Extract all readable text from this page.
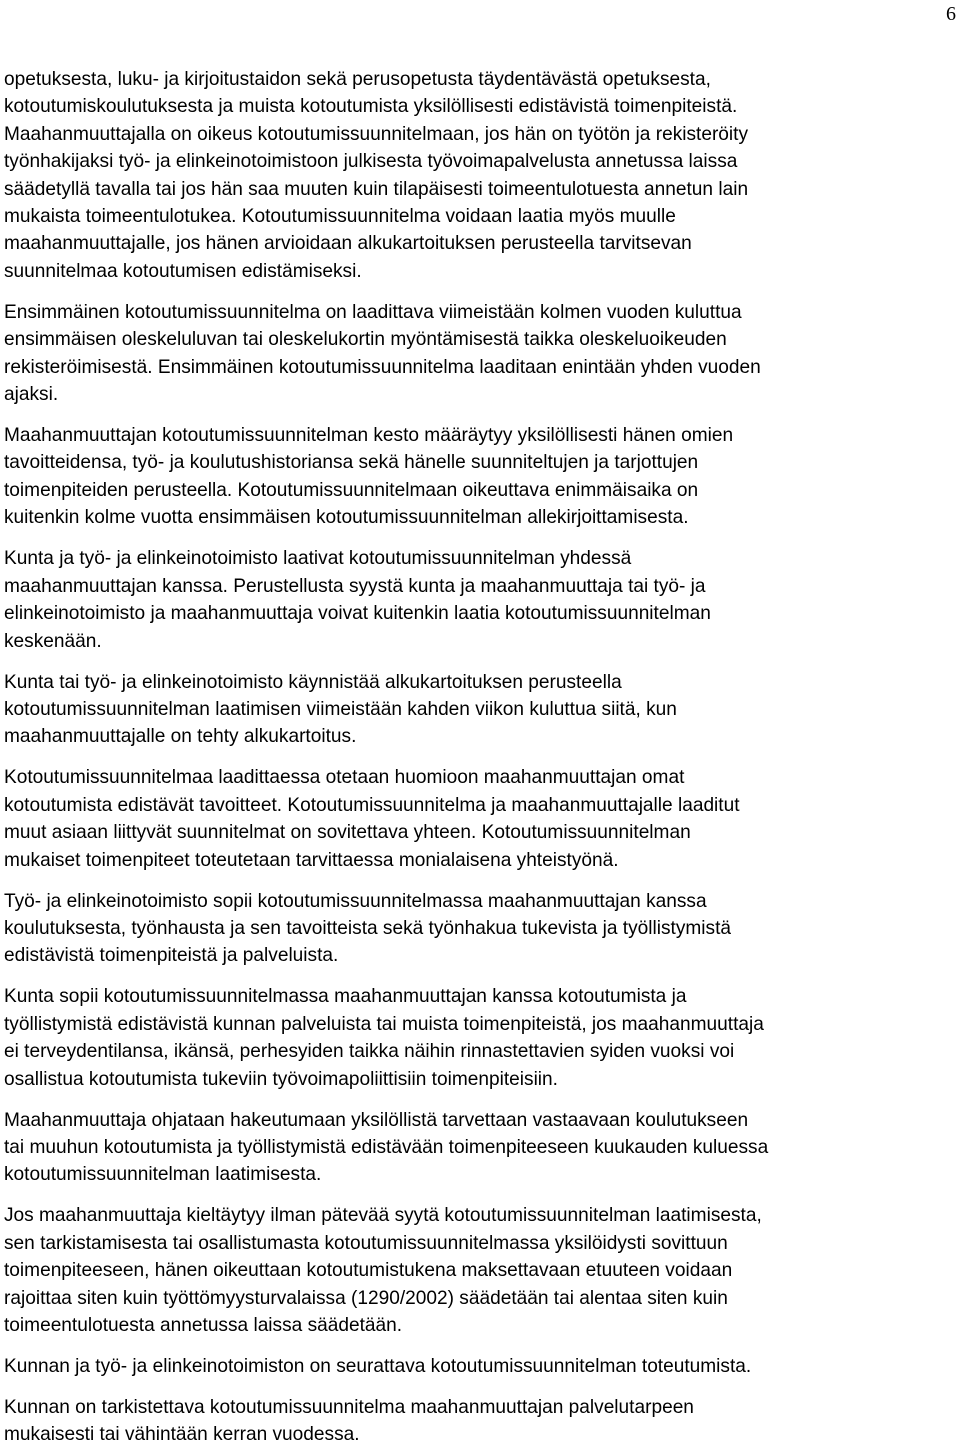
6

opetuksesta, luku- ja kirjoitustaidon sekä perusopetusta täydentävästä opetuksesta,
kotoutumiskoulutuksesta ja muista kotoutumista yksilöllisesti edistävistä toimenpiteistä.
Maahanmuuttajalla on oikeus kotoutumissuunnitelmaan, jos hän on työtön ja rekisteröity
työnhakijaksi työ- ja elinkeinotoimistoon julkisesta työvoimapalvelusta annetussa laissa
säädetyllä tavalla tai jos hän saa muuten kuin tilapäisesti toimeentulotuesta annetun lain
mukaista toimeentulotukea. Kotoutumissuunnitelma voidaan laatia myös muulle
maahanmuuttajalle, jos hänen arvioidaan alkukartoituksen perusteella tarvitsevan
suunnitelmaa kotoutumisen edistämiseksi.

Ensimmäinen kotoutumissuunnitelma on laadittava viimeistään kolmen vuoden kuluttua
ensimmäisen oleskeluluvan tai oleskelukortin myöntämisestä taikka oleskeluoikeuden
rekisteröimisestä. Ensimmäinen kotoutumissuunnitelma laaditaan enintään yhden vuoden
ajaksi.

Maahanmuuttajan kotoutumissuunnitelman kesto määräytyy yksilöllisesti hänen omien
tavoitteidensa, työ- ja koulutushistoriansa sekä hänelle suunniteltujen ja tarjottujen
toimenpiteiden perusteella. Kotoutumissuunnitelmaan oikeuttava enimmäisaika on
kuitenkin kolme vuotta ensimmäisen kotoutumissuunnitelman allekirjoittamisesta.

Kunta ja työ- ja elinkeinotoimisto laativat kotoutumissuunnitelman yhdessä
maahanmuuttajan kanssa. Perustellusta syystä kunta ja maahanmuuttaja tai työ- ja
elinkeinotoimisto ja maahanmuuttaja voivat kuitenkin laatia kotoutumissuunnitelman
keskenään.

Kunta tai työ- ja elinkeinotoimisto käynnistää alkukartoituksen perusteella
kotoutumissuunnitelman laatimisen viimeistään kahden viikon kuluttua siitä, kun
maahanmuuttajalle on tehty alkukartoitus.

Kotoutumissuunnitelmaa laadittaessa otetaan huomioon maahanmuuttajan omat
kotoutumista edistävät tavoitteet. Kotoutumissuunnitelma ja maahanmuuttajalle laaditut
muut asiaan liittyvät suunnitelmat on sovitettava yhteen. Kotoutumissuunnitelman
mukaiset toimenpiteet toteutetaan tarvittaessa monialaisena yhteistyönä.

Työ- ja elinkeinotoimisto sopii kotoutumissuunnitelmassa maahanmuuttajan kanssa
koulutuksesta, työnhausta ja sen tavoitteista sekä työnhakua tukevista ja työllistymistä
edistävistä toimenpiteistä ja palveluista.

Kunta sopii kotoutumissuunnitelmassa maahanmuuttajan kanssa kotoutumista ja
työllistymistä edistävistä kunnan palveluista tai muista toimenpiteistä, jos maahanmuuttaja
ei terveydentilansa, ikänsä, perhesyiden taikka näihin rinnastettavien syiden vuoksi voi
osallistua kotoutumista tukeviin työvoimapoliittisiin toimenpiteisiin.

Maahanmuuttaja ohjataan hakeutumaan yksilöllistä tarvettaan vastaavaan koulutukseen
tai muuhun kotoutumista ja työllistymistä edistävään toimenpiteeseen kuukauden kuluessa
kotoutumissuunnitelman laatimisesta.

Jos maahanmuuttaja kieltäytyy ilman pätevää syytä kotoutumissuunnitelman laatimisesta,
sen tarkistamisesta tai osallistumasta kotoutumissuunnitelmassa yksilöidysti sovittuun
toimenpiteeseen, hänen oikeuttaan kotoutumistukena maksettavaan etuuteen voidaan
rajoittaa siten kuin työttömyysturvalaissa (1290/2002) säädetään tai alentaa siten kuin
toimeentulotuesta annetussa laissa säädetään.

Kunnan ja työ- ja elinkeinotoimiston on seurattava kotoutumissuunnitelman toteutumista.

Kunnan on tarkistettava kotoutumissuunnitelma maahanmuuttajan palvelutarpeen
mukaisesti tai vähintään kerran vuodessa.
